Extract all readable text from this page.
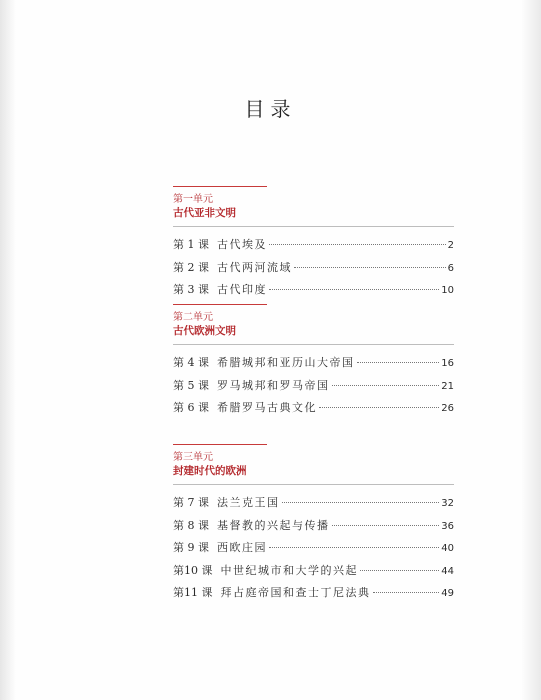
目录
第一单元
古代亚非文明
第 1 课 古代埃及	2
第 2 课 古代两河流域	6
第 3 课 古代印度	10
第二单元
古代欧洲文明
第 4 课 希腊城邦和亚历山大帝国	16
第 5 课 罗马城邦和罗马帝国	21
第 6 课 希腊罗马古典文化	26
第三单元
封建时代的欧洲
第 7 课 法兰克王国	32
第 8 课 基督教的兴起与传播	36
第 9 课 西欧庄园	40
第10 课 中世纪城市和大学的兴起	44
第11 课 拜占庭帝国和查士丁尼法典	49
